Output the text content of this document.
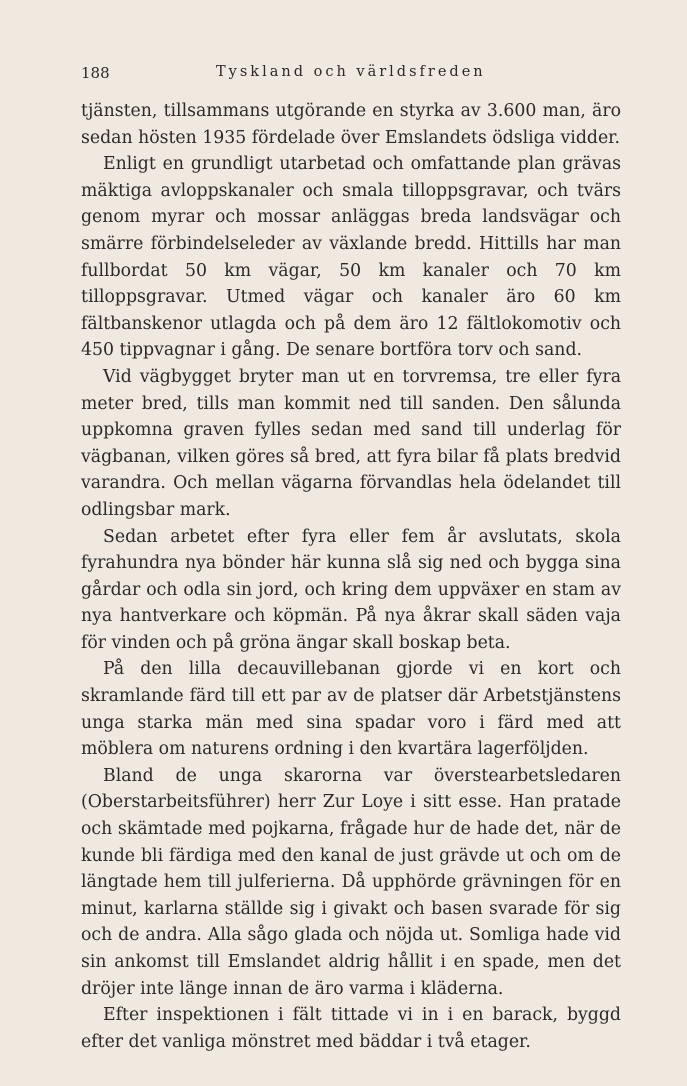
188	Tyskland och världsfreden

tjänsten, tillsammans utgörande en styrka av 3.600 man, äro sedan hösten 1935 fördelade över Emslandets ödsliga vidder.

Enligt en grundligt utarbetad och omfattande plan grävas mäktiga avloppskanaler och smala tilloppsgravar, och tvärs genom myrar och mossar anläggas breda landsvägar och smärre förbindelseleder av växlande bredd. Hittills har man fullbordat 50 km vägar, 50 km kanaler och 70 km tilloppsgravar. Utmed vägar och kanaler äro 60 km fältbanskenor utlagda och på dem äro 12 fältlokomotiv och 450 tippvagnar i gång. De senare bortföra torv och sand.

Vid vägbygget bryter man ut en torvremsa, tre eller fyra meter bred, tills man kommit ned till sanden. Den sålunda uppkomna graven fylles sedan med sand till underlag för vägbanan, vilken göres så bred, att fyra bilar få plats bredvid varandra. Och mellan vägarna förvandlas hela ödelandet till odlingsbar mark.

Sedan arbetet efter fyra eller fem år avslutats, skola fyrahundra nya bönder här kunna slå sig ned och bygga sina gårdar och odla sin jord, och kring dem uppväxer en stam av nya hantverkare och köpmän. På nya åkrar skall säden vaja för vinden och på gröna ängar skall boskap beta.

På den lilla decauvillebanan gjorde vi en kort och skramlande färd till ett par av de platser där Arbetstjänstens unga starka män med sina spadar voro i färd med att möblera om naturens ordning i den kvartära lagerföljden.

Bland de unga skarorna var överstearbetsledaren (Oberstarbeitsführer) herr Zur Loye i sitt esse. Han pratade och skämtade med pojkarna, frågade hur de hade det, när de kunde bli färdiga med den kanal de just grävde ut och om de längtade hem till julferierna. Då upphörde grävningen för en minut, karlarna ställde sig i givakt och basen svarade för sig och de andra. Alla sågo glada och nöjda ut. Somliga hade vid sin ankomst till Emslandet aldrig hållit i en spade, men det dröjer inte länge innan de äro varma i kläderna.

Efter inspektionen i fält tittade vi in i en barack, byggd efter det vanliga mönstret med bäddar i två etager.
